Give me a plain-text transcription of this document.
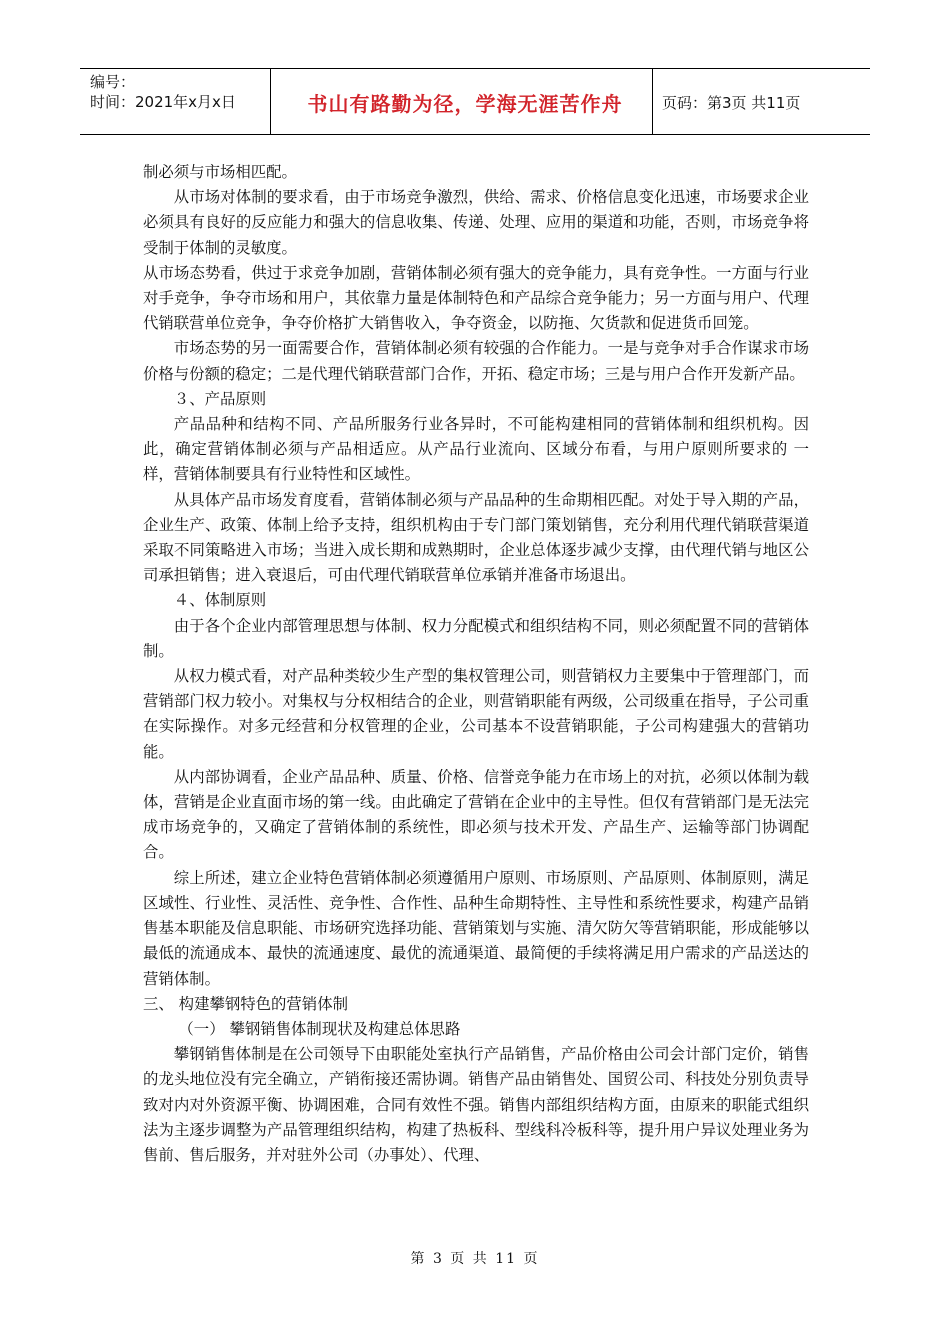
编号：
时间：2021年x月x日	书山有路勤为径，学海无涯苦作舟	页码：第3页 共11页

制必须与市场相匹配。

从市场对体制的要求看，由于市场竞争激烈，供给、需求、价格信息变化迅速，市场要求企业必须具有良好的反应能力和强大的信息收集、传递、处理、应用的渠道和功能，否则，市场竞争将受制于体制的灵敏度。

从市场态势看，供过于求竞争加剧，营销体制必须有强大的竞争能力，具有竞争性。一方面与行业对手竞争，争夺市场和用户，其依靠力量是体制特色和产品综合竞争能力；另一方面与用户、代理代销联营单位竞争，争夺价格扩大销售收入，争夺资金，以防拖、欠货款和促进货币回笼。

市场态势的另一面需要合作，营销体制必须有较强的合作能力。一是与竞争对手合作谋求市场价格与份额的稳定；二是代理代销联营部门合作，开拓、稳定市场；三是与用户合作开发新产品。

３、产品原则

产品品种和结构不同、产品所服务行业各异时，不可能构建相同的营销体制和组织机构。因此，确定营销体制必须与产品相适应。从产品行业流向、区域分布看，与用户原则所要求的 一样，营销体制要具有行业特性和区域性。

从具体产品市场发育度看，营销体制必须与产品品种的生命期相匹配。对处于导入期的产品，企业生产、政策、体制上给予支持，组织机构由于专门部门策划销售，充分利用代理代销联营渠道采取不同策略进入市场；当进入成长期和成熟期时，企业总体逐步减少支撑，由代理代销与地区公司承担销售；进入衰退后，可由代理代销联营单位承销并准备市场退出。

４、体制原则

由于各个企业内部管理思想与体制、权力分配模式和组织结构不同，则必须配置不同的营销体制。

从权力模式看，对产品种类较少生产型的集权管理公司，则营销权力主要集中于管理部门，而营销部门权力较小。对集权与分权相结合的企业，则营销职能有两级，公司级重在指导，子公司重在实际操作。对多元经营和分权管理的企业，公司基本不设营销职能，子公司构建强大的营销功能。

从内部协调看，企业产品品种、质量、价格、信誉竞争能力在市场上的对抗，必须以体制为载体，营销是企业直面市场的第一线。由此确定了营销在企业中的主导性。但仅有营销部门是无法完成市场竞争的，又确定了营销体制的系统性，即必须与技术开发、产品生产、运输等部门协调配合。

综上所述，建立企业特色营销体制必须遵循用户原则、市场原则、产品原则、体制原则，满足区域性、行业性、灵活性、竞争性、合作性、品种生命期特性、主导性和系统性要求，构建产品销售基本职能及信息职能、市场研究选择功能、营销策划与实施、清欠防欠等营销职能，形成能够以最低的流通成本、最快的流通速度、最优的流通渠道、最简便的手续将满足用户需求的产品送达的营销体制。

三、 构建攀钢特色的营销体制

（一） 攀钢销售体制现状及构建总体思路

攀钢销售体制是在公司领导下由职能处室执行产品销售，产品价格由公司会计部门定价，销售的龙头地位没有完全确立，产销衔接还需协调。销售产品由销售处、国贸公司、科技处分别负责导致对内对外资源平衡、协调困难，合同有效性不强。销售内部组织结构方面，由原来的职能式组织法为主逐步调整为产品管理组织结构，构建了热板科、型线科冷板科等，提升用户异议处理业务为售前、售后服务，并对驻外公司（办事处）、代理、

第 3 页 共 11 页
